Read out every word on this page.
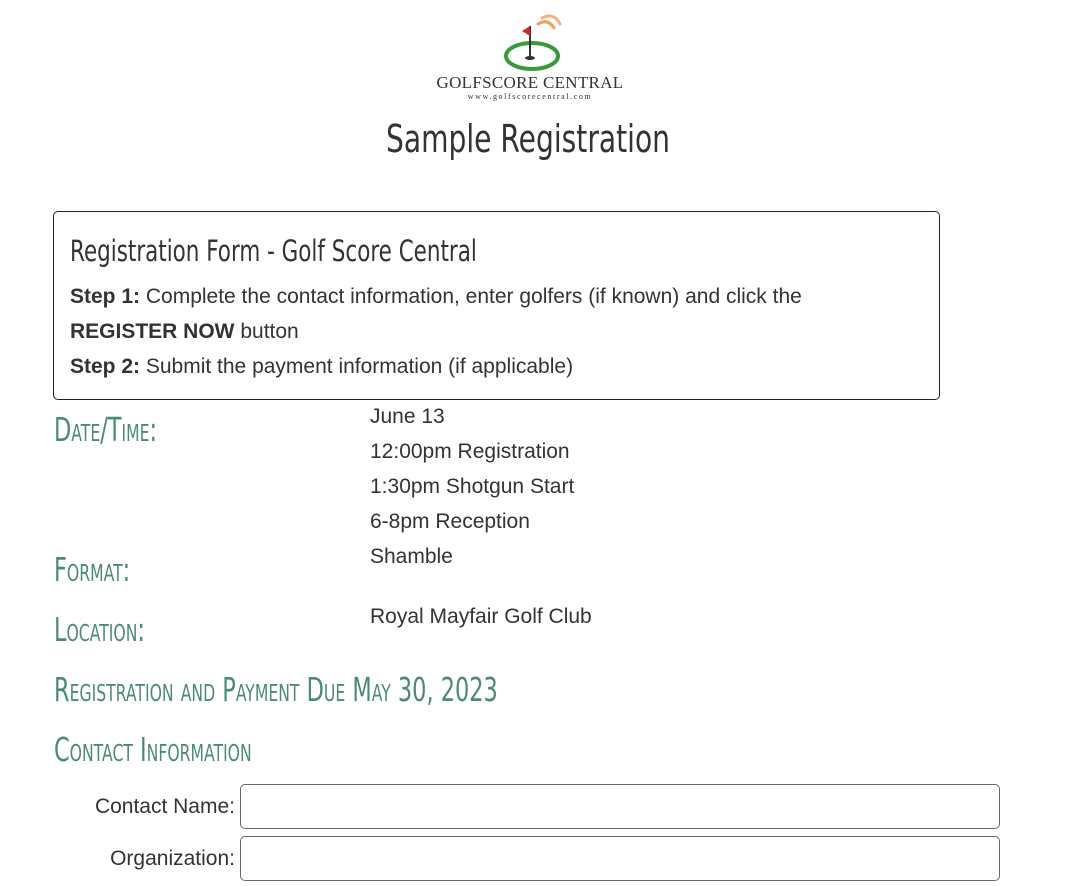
GOLFSCORE CENTRAL
www.golfscorecentral.com
Sample Registration
Registration Form - Golf Score Central
Step 1: Complete the contact information, enter golfers (if known) and click the
REGISTER NOW button
Step 2: Submit the payment information (if applicable)
Date/Time:	June 13
12:00pm Registration
1:30pm Shotgun Start
6-8pm Reception
Format:	Shamble
Location:	Royal Mayfair Golf Club
Registration and Payment Due May 30, 2023
Contact Information
Contact Name:
Organization:
